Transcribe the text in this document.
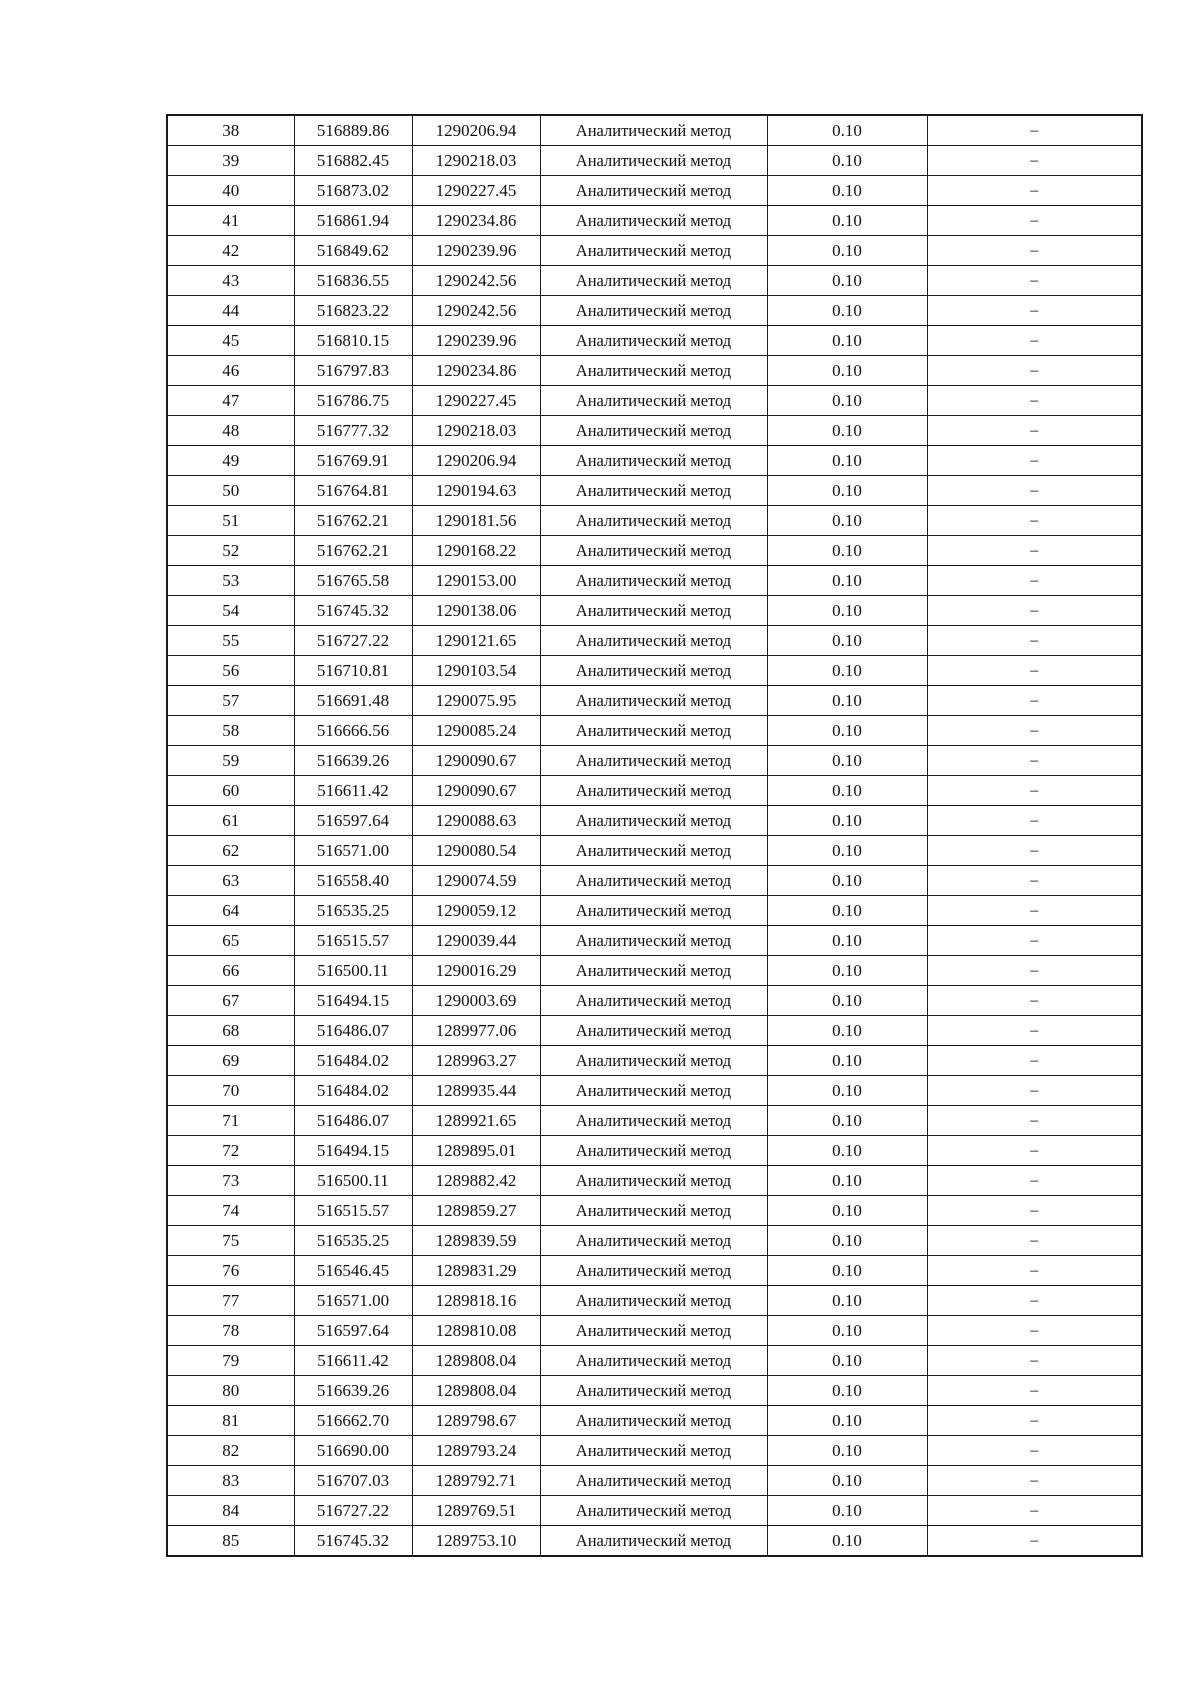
38	516889.86	1290206.94	Аналитический метод	0.10	–
39	516882.45	1290218.03	Аналитический метод	0.10	–
40	516873.02	1290227.45	Аналитический метод	0.10	–
41	516861.94	1290234.86	Аналитический метод	0.10	–
42	516849.62	1290239.96	Аналитический метод	0.10	–
43	516836.55	1290242.56	Аналитический метод	0.10	–
44	516823.22	1290242.56	Аналитический метод	0.10	–
45	516810.15	1290239.96	Аналитический метод	0.10	–
46	516797.83	1290234.86	Аналитический метод	0.10	–
47	516786.75	1290227.45	Аналитический метод	0.10	–
48	516777.32	1290218.03	Аналитический метод	0.10	–
49	516769.91	1290206.94	Аналитический метод	0.10	–
50	516764.81	1290194.63	Аналитический метод	0.10	–
51	516762.21	1290181.56	Аналитический метод	0.10	–
52	516762.21	1290168.22	Аналитический метод	0.10	–
53	516765.58	1290153.00	Аналитический метод	0.10	–
54	516745.32	1290138.06	Аналитический метод	0.10	–
55	516727.22	1290121.65	Аналитический метод	0.10	–
56	516710.81	1290103.54	Аналитический метод	0.10	–
57	516691.48	1290075.95	Аналитический метод	0.10	–
58	516666.56	1290085.24	Аналитический метод	0.10	–
59	516639.26	1290090.67	Аналитический метод	0.10	–
60	516611.42	1290090.67	Аналитический метод	0.10	–
61	516597.64	1290088.63	Аналитический метод	0.10	–
62	516571.00	1290080.54	Аналитический метод	0.10	–
63	516558.40	1290074.59	Аналитический метод	0.10	–
64	516535.25	1290059.12	Аналитический метод	0.10	–
65	516515.57	1290039.44	Аналитический метод	0.10	–
66	516500.11	1290016.29	Аналитический метод	0.10	–
67	516494.15	1290003.69	Аналитический метод	0.10	–
68	516486.07	1289977.06	Аналитический метод	0.10	–
69	516484.02	1289963.27	Аналитический метод	0.10	–
70	516484.02	1289935.44	Аналитический метод	0.10	–
71	516486.07	1289921.65	Аналитический метод	0.10	–
72	516494.15	1289895.01	Аналитический метод	0.10	–
73	516500.11	1289882.42	Аналитический метод	0.10	–
74	516515.57	1289859.27	Аналитический метод	0.10	–
75	516535.25	1289839.59	Аналитический метод	0.10	–
76	516546.45	1289831.29	Аналитический метод	0.10	–
77	516571.00	1289818.16	Аналитический метод	0.10	–
78	516597.64	1289810.08	Аналитический метод	0.10	–
79	516611.42	1289808.04	Аналитический метод	0.10	–
80	516639.26	1289808.04	Аналитический метод	0.10	–
81	516662.70	1289798.67	Аналитический метод	0.10	–
82	516690.00	1289793.24	Аналитический метод	0.10	–
83	516707.03	1289792.71	Аналитический метод	0.10	–
84	516727.22	1289769.51	Аналитический метод	0.10	–
85	516745.32	1289753.10	Аналитический метод	0.10	–
